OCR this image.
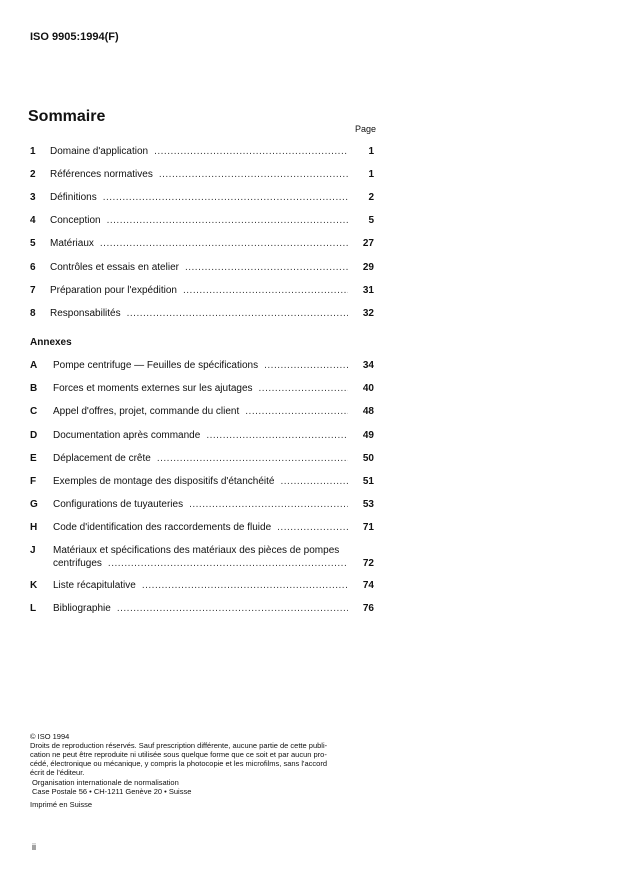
ISO 9905:1994(F)
Sommaire
Page
1	Domaine d'application .....	1
2	Références normatives .....	1
3	Définitions .....	2
4	Conception .....	5
5	Matériaux .....	27
6	Contrôles et essais en atelier .....	29
7	Préparation pour l'expédition .....	31
8	Responsabilités .....	32
Annexes
A	Pompe centrifuge — Feuilles de spécifications .....	34
B	Forces et moments externes sur les ajutages .....	40
C	Appel d'offres, projet, commande du client .....	48
D	Documentation après commande .....	49
E	Déplacement de crête .....	50
F	Exemples de montage des dispositifs d'étanchéité .....	51
G	Configurations de tuyauteries .....	53
H	Code d'identification des raccordements de fluide .....	71
J	Matériaux et spécifications des matériaux des pièces de pompes
centrifuges .....	72
K	Liste récapitulative .....	74
L	Bibliographie .....	76
© ISO 1994
Droits de reproduction réservés. Sauf prescription différente, aucune partie de cette publi-
cation ne peut être reproduite ni utilisée sous quelque forme que ce soit et par aucun pro-
cédé, électronique ou mécanique, y compris la photocopie et les microfilms, sans l'accord
écrit de l'éditeur.
Organisation internationale de normalisation
Case Postale 56 • CH-1211 Genève 20 • Suisse
Imprimé en Suisse
ii
